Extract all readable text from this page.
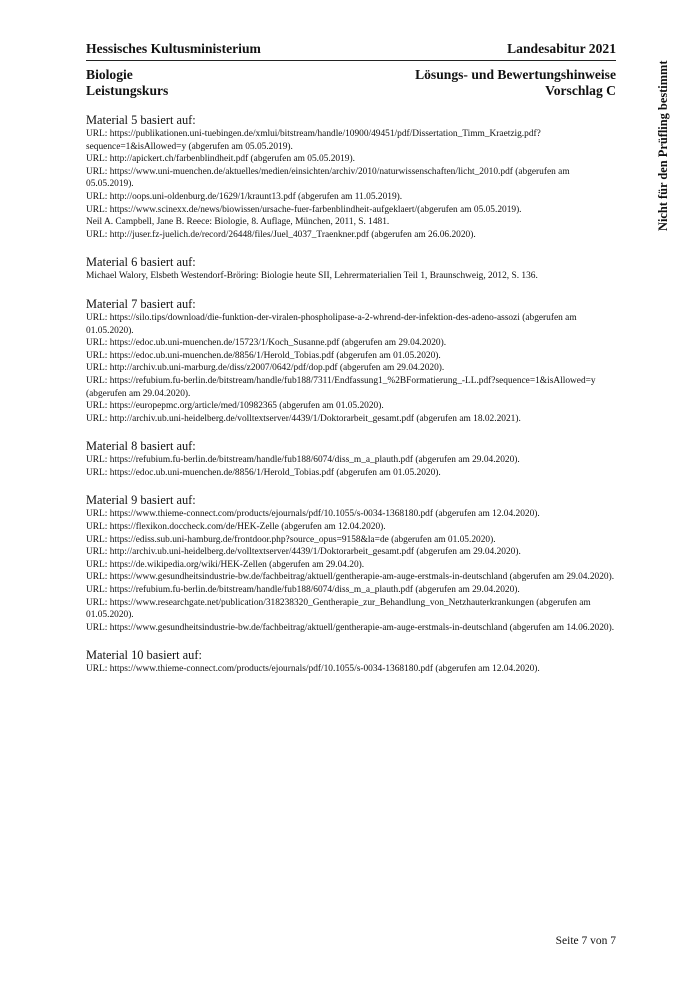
Hessisches Kultusministerium	Landesabitur 2021
Biologie
Leistungskurs
Lösungs- und Bewertungshinweise
Vorschlag C
Material 5 basiert auf:
URL: https://publikationen.uni-tuebingen.de/xmlui/bitstream/handle/10900/49451/pdf/Dissertation_Timm_Kraetzig.pdf?sequence=1&isAllowed=y (abgerufen am 05.05.2019).
URL: http://apickert.ch/farbenblindheit.pdf (abgerufen am 05.05.2019).
URL: https://www.uni-muenchen.de/aktuelles/medien/einsichten/archiv/2010/naturwissenschaften/licht_2010.pdf (abgerufen am 05.05.2019).
URL: http://oops.uni-oldenburg.de/1629/1/kraunt13.pdf (abgerufen am 11.05.2019).
URL: https://www.scinexx.de/news/biowissen/ursache-fuer-farbenblindheit-aufgeklaert/(abgerufen am 05.05.2019).
Neil A. Campbell, Jane B. Reece: Biologie, 8. Auflage, München, 2011, S. 1481.
URL: http://juser.fz-juelich.de/record/26448/files/Juel_4037_Traenkner.pdf (abgerufen am 26.06.2020).
Material 6 basiert auf:
Michael Walory, Elsbeth Westendorf-Bröring: Biologie heute SII, Lehrermaterialien Teil 1, Braunschweig, 2012, S. 136.
Material 7 basiert auf:
URL: https://silo.tips/download/die-funktion-der-viralen-phospholipase-a-2-whrend-der-infektion-des-adeno-assozi (abgerufen am 01.05.2020).
URL: https://edoc.ub.uni-muenchen.de/15723/1/Koch_Susanne.pdf (abgerufen am 29.04.2020).
URL: https://edoc.ub.uni-muenchen.de/8856/1/Herold_Tobias.pdf (abgerufen am 01.05.2020).
URL: http://archiv.ub.uni-marburg.de/diss/z2007/0642/pdf/dop.pdf (abgerufen am 29.04.2020).
URL: https://refubium.fu-berlin.de/bitstream/handle/fub188/7311/Endfassung1_%2BFormatierung_-LL.pdf?sequence=1&isAllowed=y (abgerufen am 29.04.2020).
URL: https://europepmc.org/article/med/10982365 (abgerufen am 01.05.2020).
URL: http://archiv.ub.uni-heidelberg.de/volltextserver/4439/1/Doktorarbeit_gesamt.pdf (abgerufen am 18.02.2021).
Material 8 basiert auf:
URL: https://refubium.fu-berlin.de/bitstream/handle/fub188/6074/diss_m_a_plauth.pdf (abgerufen am 29.04.2020).
URL: https://edoc.ub.uni-muenchen.de/8856/1/Herold_Tobias.pdf (abgerufen am 01.05.2020).
Material 9 basiert auf:
URL: https://www.thieme-connect.com/products/ejournals/pdf/10.1055/s-0034-1368180.pdf (abgerufen am 12.04.2020).
URL: https://flexikon.doccheck.com/de/HEK-Zelle (abgerufen am 12.04.2020).
URL: https://ediss.sub.uni-hamburg.de/frontdoor.php?source_opus=9158&la=de (abgerufen am 01.05.2020).
URL: http://archiv.ub.uni-heidelberg.de/volltextserver/4439/1/Doktorarbeit_gesamt.pdf (abgerufen am 29.04.2020).
URL: https://de.wikipedia.org/wiki/HEK-Zellen (abgerufen am 29.04.20).
URL: https://www.gesundheitsindustrie-bw.de/fachbeitrag/aktuell/gentherapie-am-auge-erstmals-in-deutschland (abgerufen am 29.04.2020).
URL: https://refubium.fu-berlin.de/bitstream/handle/fub188/6074/diss_m_a_plauth.pdf (abgerufen am 29.04.2020).
URL: https://www.researchgate.net/publication/318238320_Gentherapie_zur_Behandlung_von_Netzhauterkrankungen (abgerufen am 01.05.2020).
URL: https://www.gesundheitsindustrie-bw.de/fachbeitrag/aktuell/gentherapie-am-auge-erstmals-in-deutschland (abgerufen am 14.06.2020).
Material 10 basiert auf:
URL: https://www.thieme-connect.com/products/ejournals/pdf/10.1055/s-0034-1368180.pdf (abgerufen am 12.04.2020).
Nicht für den Prüfling bestimmt
Seite 7 von 7
